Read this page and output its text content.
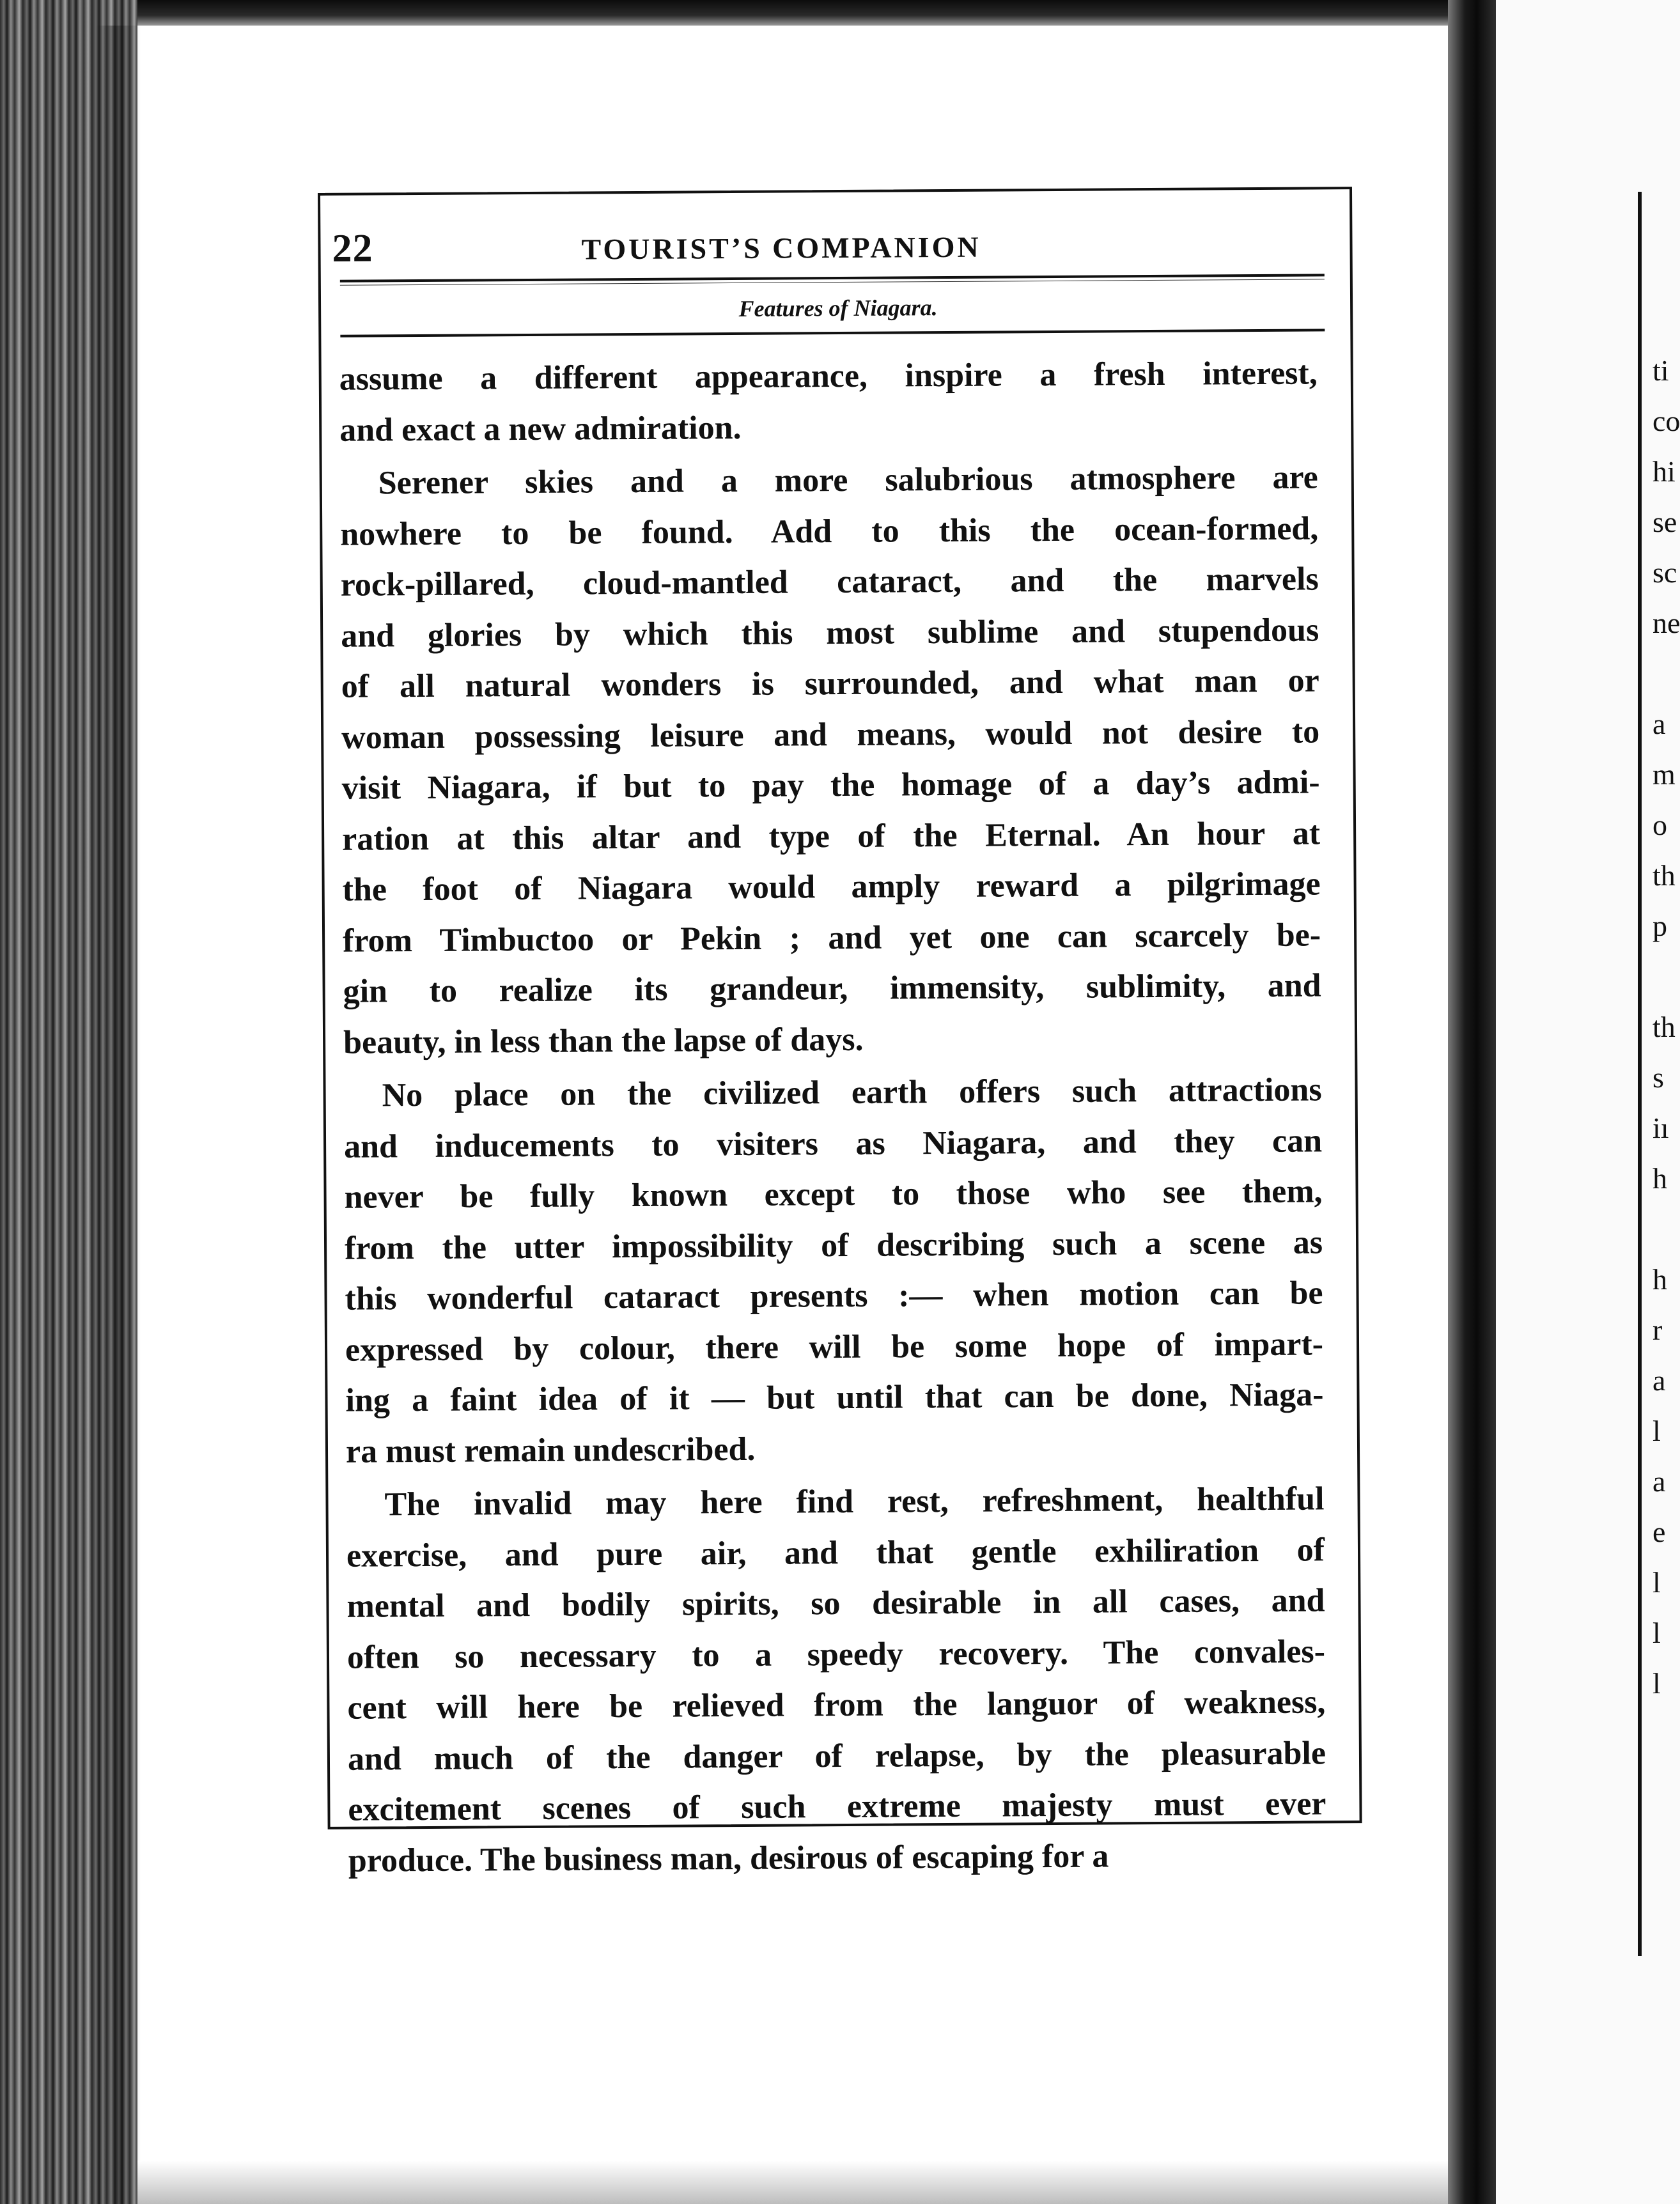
ti
co
hi
se
sc
ne
a
m
o
th
p
th
s
iı
h
h
r
a
l
a
e
l
l
l
22	TOURIST’S COMPANION
Features of Niagara.
assume a different appearance, inspire a fresh interest,
and exact a new admiration.
Serener skies and a more salubrious atmosphere are
nowhere to be found. Add to this the ocean-formed,
rock-pillared, cloud-mantled cataract, and the marvels
and glories by which this most sublime and stupendous
of all natural wonders is surrounded, and what man or
woman possessing leisure and means, would not desire to
visit Niagara, if but to pay the homage of a day’s admi-
ration at this altar and type of the Eternal. An hour at
the foot of Niagara would amply reward a pilgrimage
from Timbuctoo or Pekin ; and yet one can scarcely be-
gin to realize its grandeur, immensity, sublimity, and
beauty, in less than the lapse of days.
No place on the civilized earth offers such attractions
and inducements to visiters as Niagara, and they can
never be fully known except to those who see them,
from the utter impossibility of describing such a scene as
this wonderful cataract presents :— when motion can be
expressed by colour, there will be some hope of impart-
ing a faint idea of it — but until that can be done, Niaga-
ra must remain undescribed.
The invalid may here find rest, refreshment, healthful
exercise, and pure air, and that gentle exhiliration of
mental and bodily spirits, so desirable in all cases, and
often so necessary to a speedy recovery. The convales-
cent will here be relieved from the languor of weakness,
and much of the danger of relapse, by the pleasurable
excitement scenes of such extreme majesty must ever
produce. The business man, desirous of escaping for a
